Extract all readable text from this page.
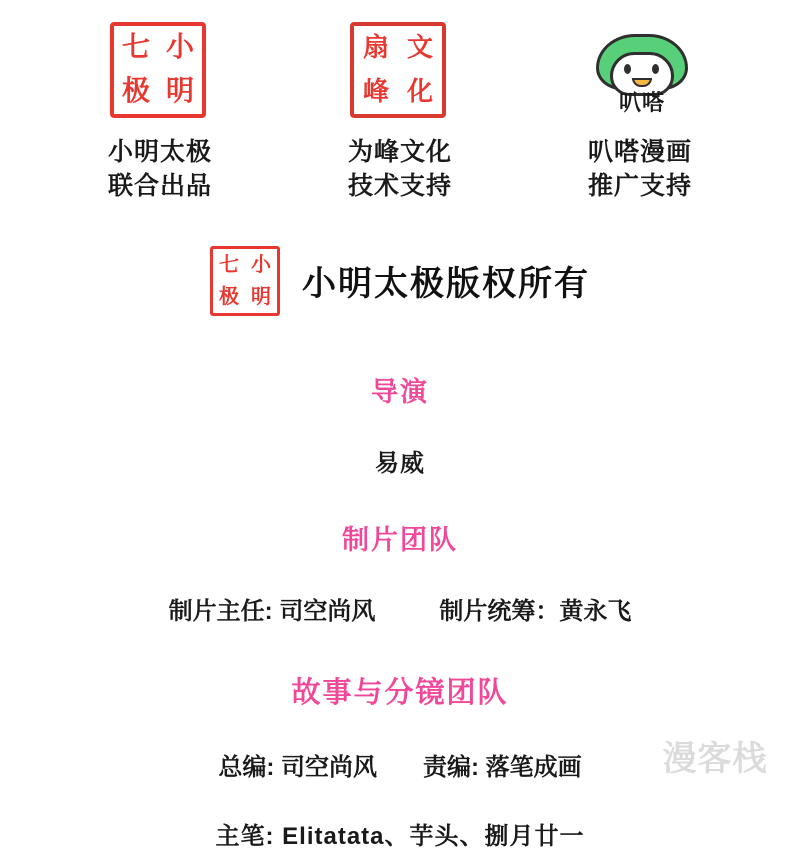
七 小
极 明
小明太极
联合出品
扇 文
峰 化
为峰文化
技术支持
叭嗒
叭嗒漫画
推广支持
七 小
极 明 小明太极版权所有
导演
易威
制片团队
制片主任: 司空尚风	制片统筹：黄永飞
故事与分镜团队
总编: 司空尚风 责编: 落笔成画
主笔: Elitatata、芋头、捌月廿一
漫客栈
